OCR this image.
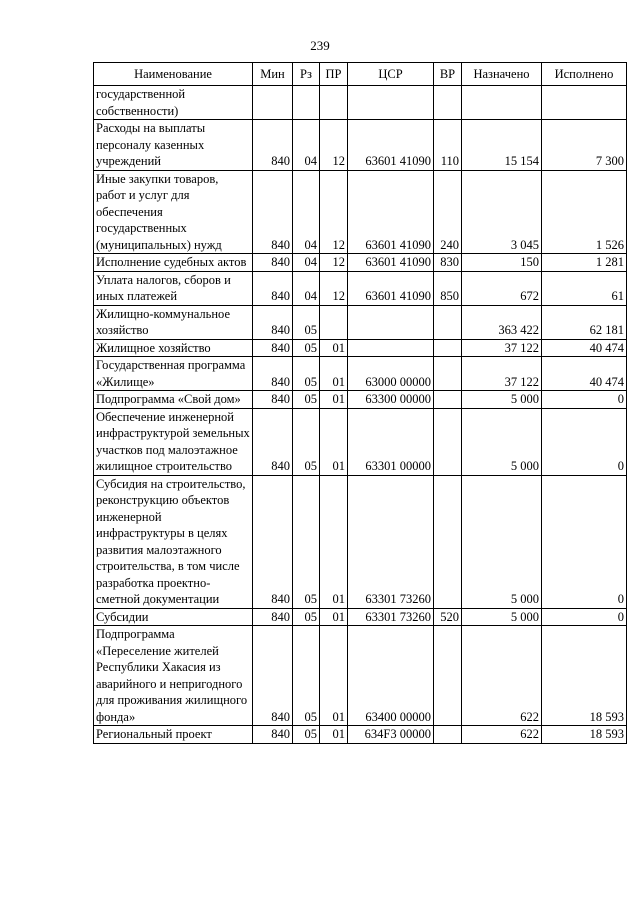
239
Наименование	Мин	Рз	ПР	ЦСР	ВР	Назначено	Исполнено
государственной собственности)							
Расходы на выплаты персоналу казенных учреждений	840	04	12	63601 41090	110	15 154	7 300
Иные закупки товаров, работ и услуг для обеспечения государственных (муниципальных) нужд	840	04	12	63601 41090	240	3 045	1 526
Исполнение судебных актов	840	04	12	63601 41090	830	150	1 281
Уплата налогов, сборов и иных платежей	840	04	12	63601 41090	850	672	61
Жилищно-коммунальное хозяйство	840	05				363 422	62 181
Жилищное хозяйство	840	05	01			37 122	40 474
Государственная программа «Жилище»	840	05	01	63000 00000		37 122	40 474
Подпрограмма «Свой дом»	840	05	01	63300 00000		5 000	0
Обеспечение инженерной инфраструктурой земельных участков под малоэтажное жилищное строительство	840	05	01	63301 00000		5 000	0
Субсидия на строительство, реконструкцию объектов инженерной инфраструктуры в целях развития малоэтажного строительства, в том числе разработка проектно-сметной документации	840	05	01	63301 73260		5 000	0
Субсидии	840	05	01	63301 73260	520	5 000	0
Подпрограмма «Переселение жителей Республики Хакасия из аварийного и непригодного для проживания жилищного фонда»	840	05	01	63400 00000		622	18 593
Региональный проект	840	05	01	634F3 00000		622	18 593
